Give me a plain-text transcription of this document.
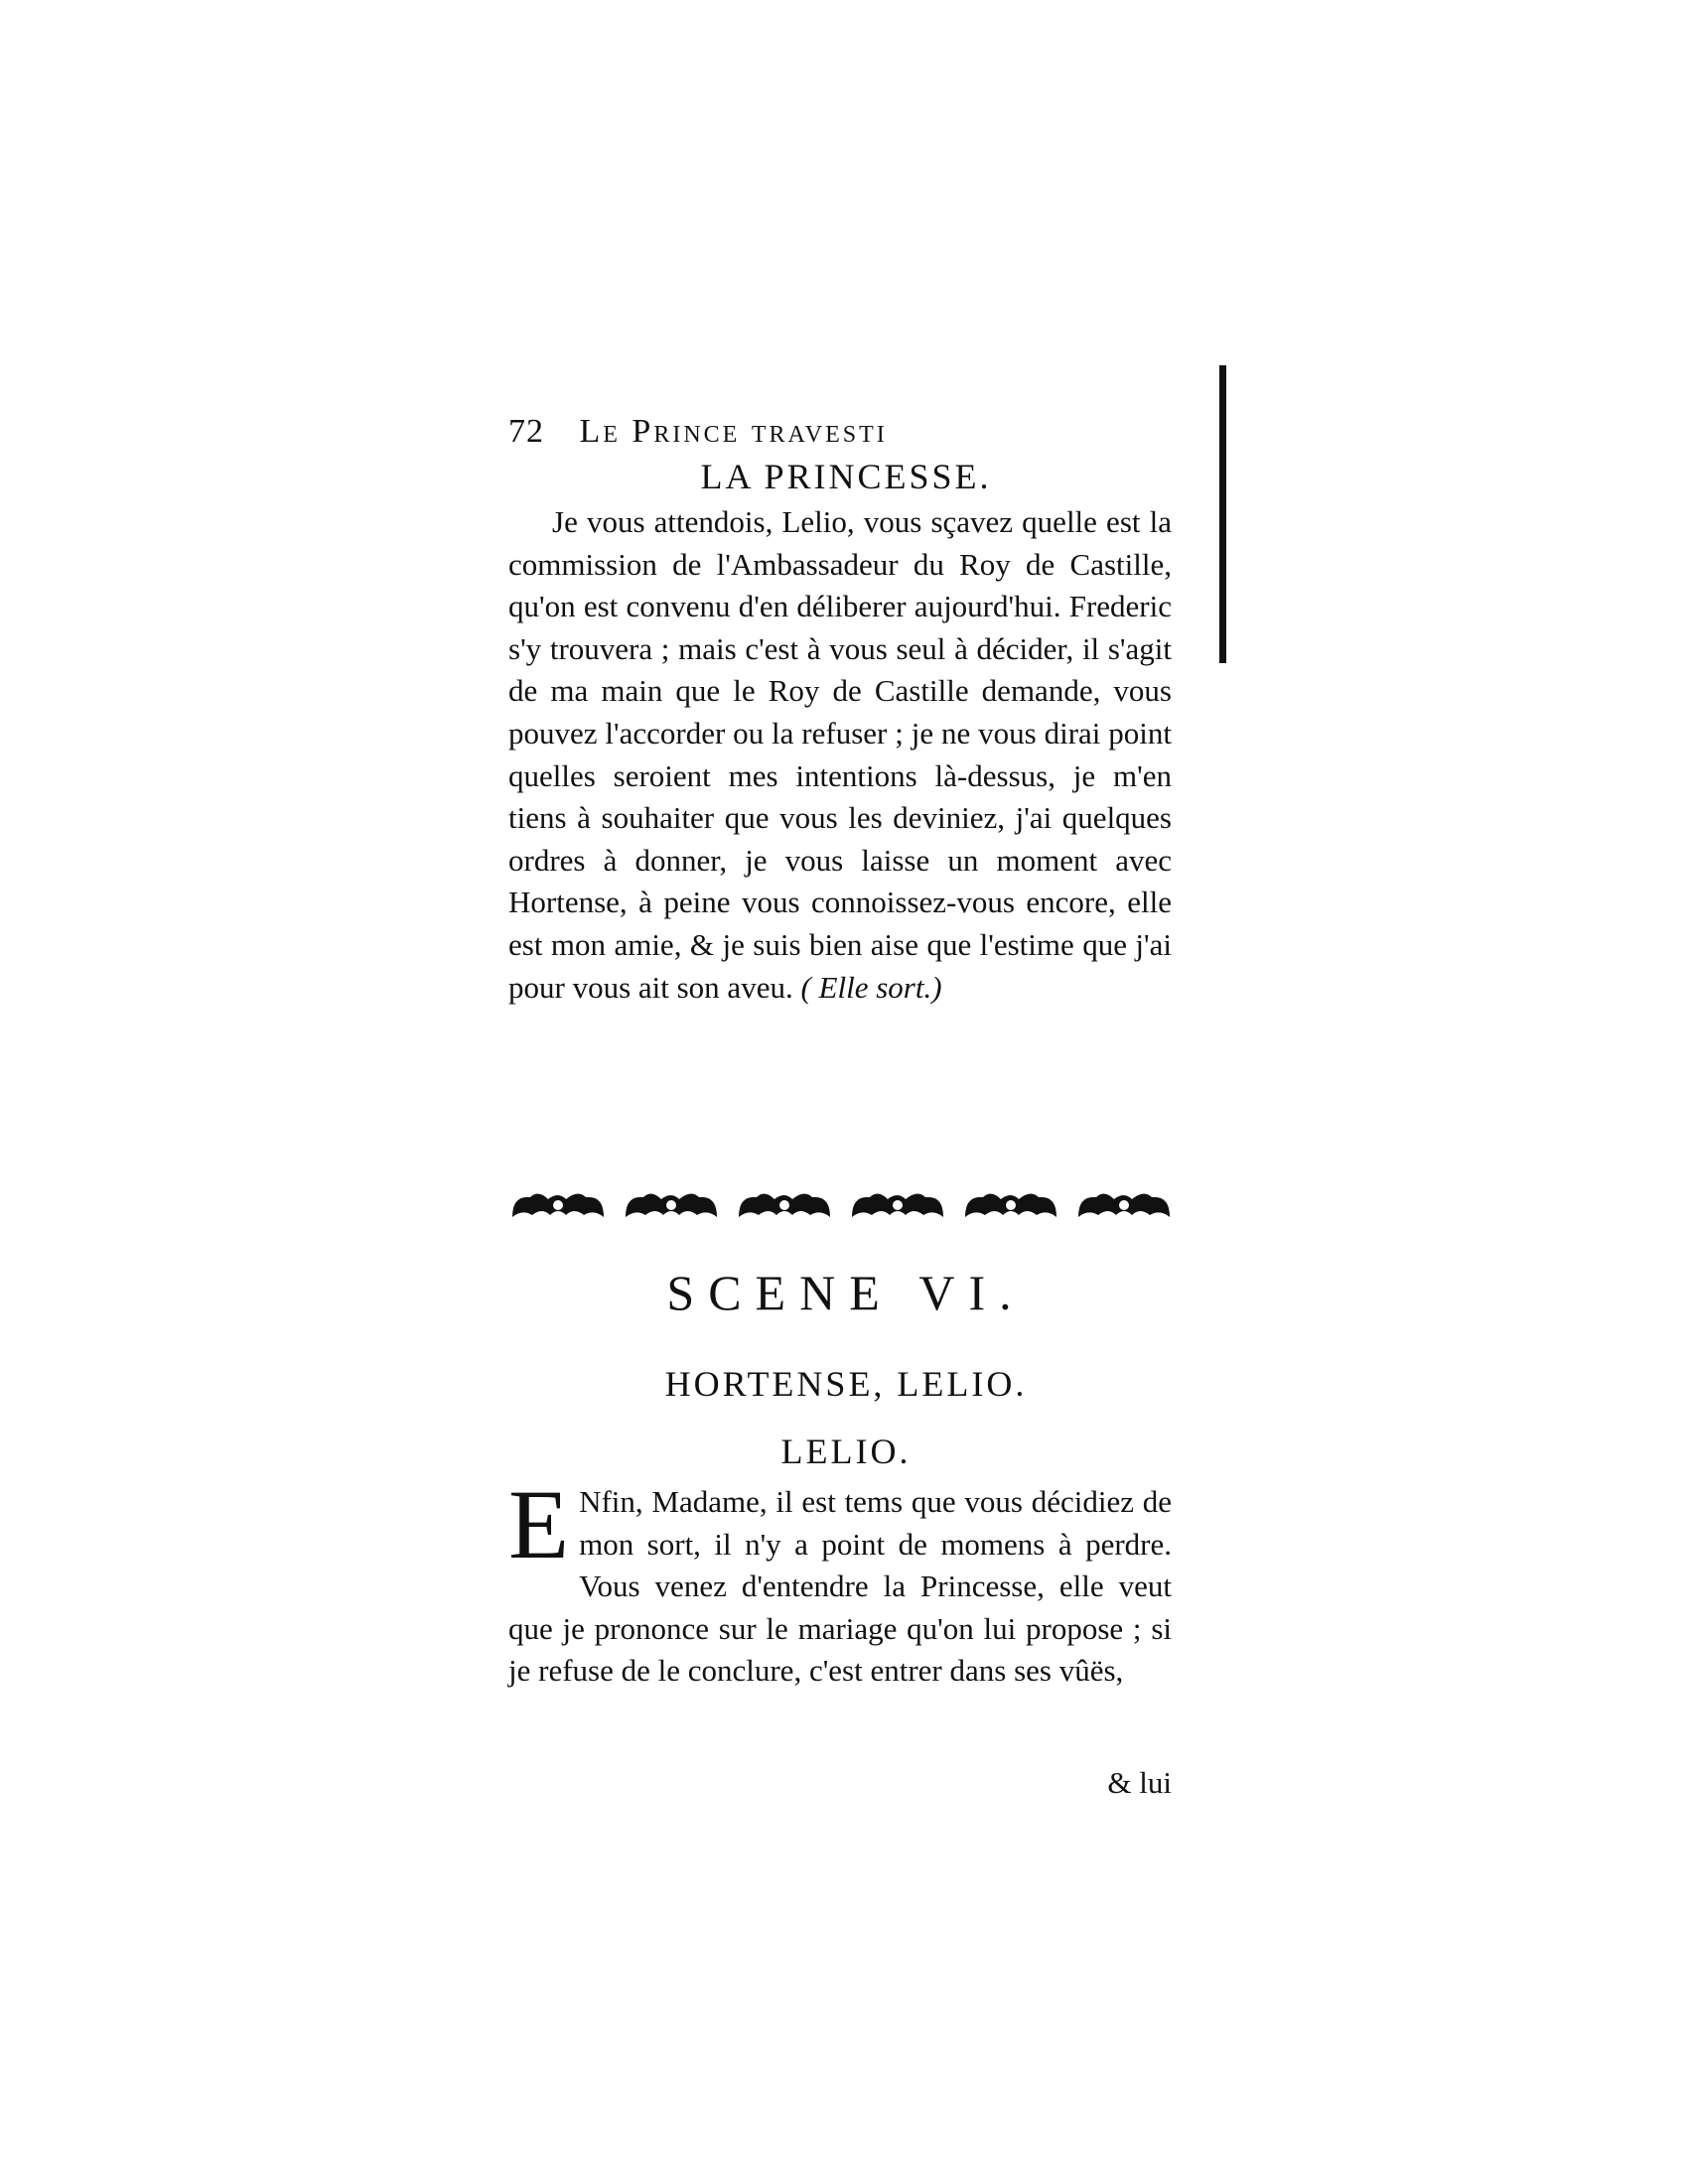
72 Le Prince travesti
LA PRINCESSE.

Je vous attendois, Lelio, vous sçavez quelle est la commission de l'Ambassadeur du Roy de Castille, qu'on est convenu d'en déliberer aujourd'hui. Frederic s'y trouvera ; mais c'est à vous seul à décider, il s'agit de ma main que le Roy de Castille demande, vous pouvez l'accorder ou la refuser ; je ne vous dirai point quelles seroient mes intentions là-dessus, je m'en tiens à souhaiter que vous les deviniez, j'ai quelques ordres à donner, je vous laisse un moment avec Hortense, à peine vous connoissez-vous encore, elle est mon amie, & je suis bien aise que l'estime que j'ai pour vous ait son aveu. ( Elle sort.)

SCENE VI.
HORTENSE, LELIO.
LELIO.
E Nfin, Madame, il est tems que vous décidiez de mon sort, il n'y a point de momens à perdre. Vous venez d'entendre la Princesse, elle veut que je prononce sur le mariage qu'on lui propose ; si je refuse de le conclure, c'est entrer dans ses vûës,
& lui
